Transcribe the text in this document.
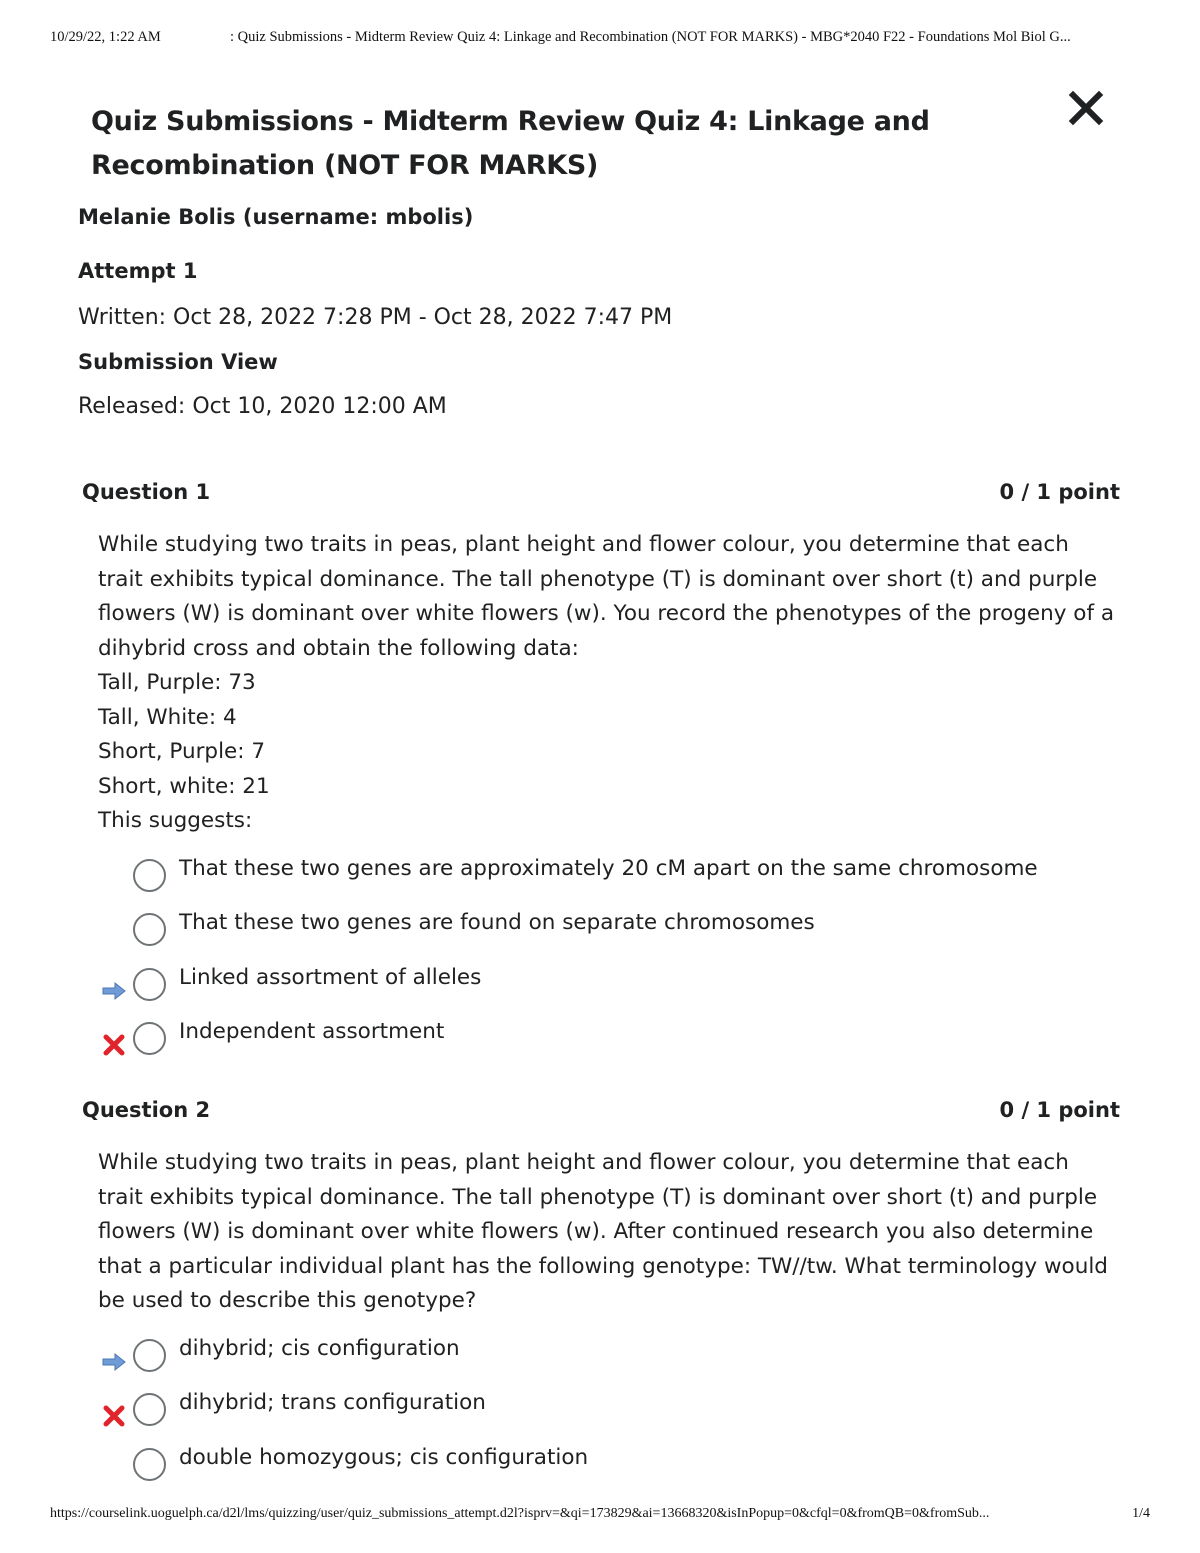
10/29/22, 1:22 AM	: Quiz Submissions - Midterm Review Quiz 4: Linkage and Recombination (NOT FOR MARKS) - MBG*2040 F22 - Foundations Mol Biol G...
Quiz Submissions - Midterm Review Quiz 4: Linkage and Recombination (NOT FOR MARKS)
Melanie Bolis (username: mbolis)
Attempt 1
Written: Oct 28, 2022 7:28 PM - Oct 28, 2022 7:47 PM
Submission View
Released: Oct 10, 2020 12:00 AM
Question 1	0 / 1 point

While studying two traits in peas, plant height and flower colour, you determine that each trait exhibits typical dominance. The tall phenotype (T) is dominant over short (t) and purple flowers (W) is dominant over white flowers (w). You record the phenotypes of the progeny of a dihybrid cross and obtain the following data:

Tall, Purple: 73

Tall, White: 4

Short, Purple: 7

Short, white: 21

This suggests:

That these two genes are approximately 20 cM apart on the same chromosome
That these two genes are found on separate chromosomes
Linked assortment of alleles
Independent assortment
Question 2	0 / 1 point

While studying two traits in peas, plant height and flower colour, you determine that each trait exhibits typical dominance. The tall phenotype (T) is dominant over short (t) and purple flowers (W) is dominant over white flowers (w). After continued research you also determine that a particular individual plant has the following genotype: TW//tw. What terminology would be used to describe this genotype?

dihybrid; cis configuration
dihybrid; trans configuration
double homozygous; cis configuration
https://courselink.uoguelph.ca/d2l/lms/quizzing/user/quiz_submissions_attempt.d2l?isprv=&qi=173829&ai=13668320&isInPopup=0&cfql=0&fromQB=0&fromSub...	1/4
